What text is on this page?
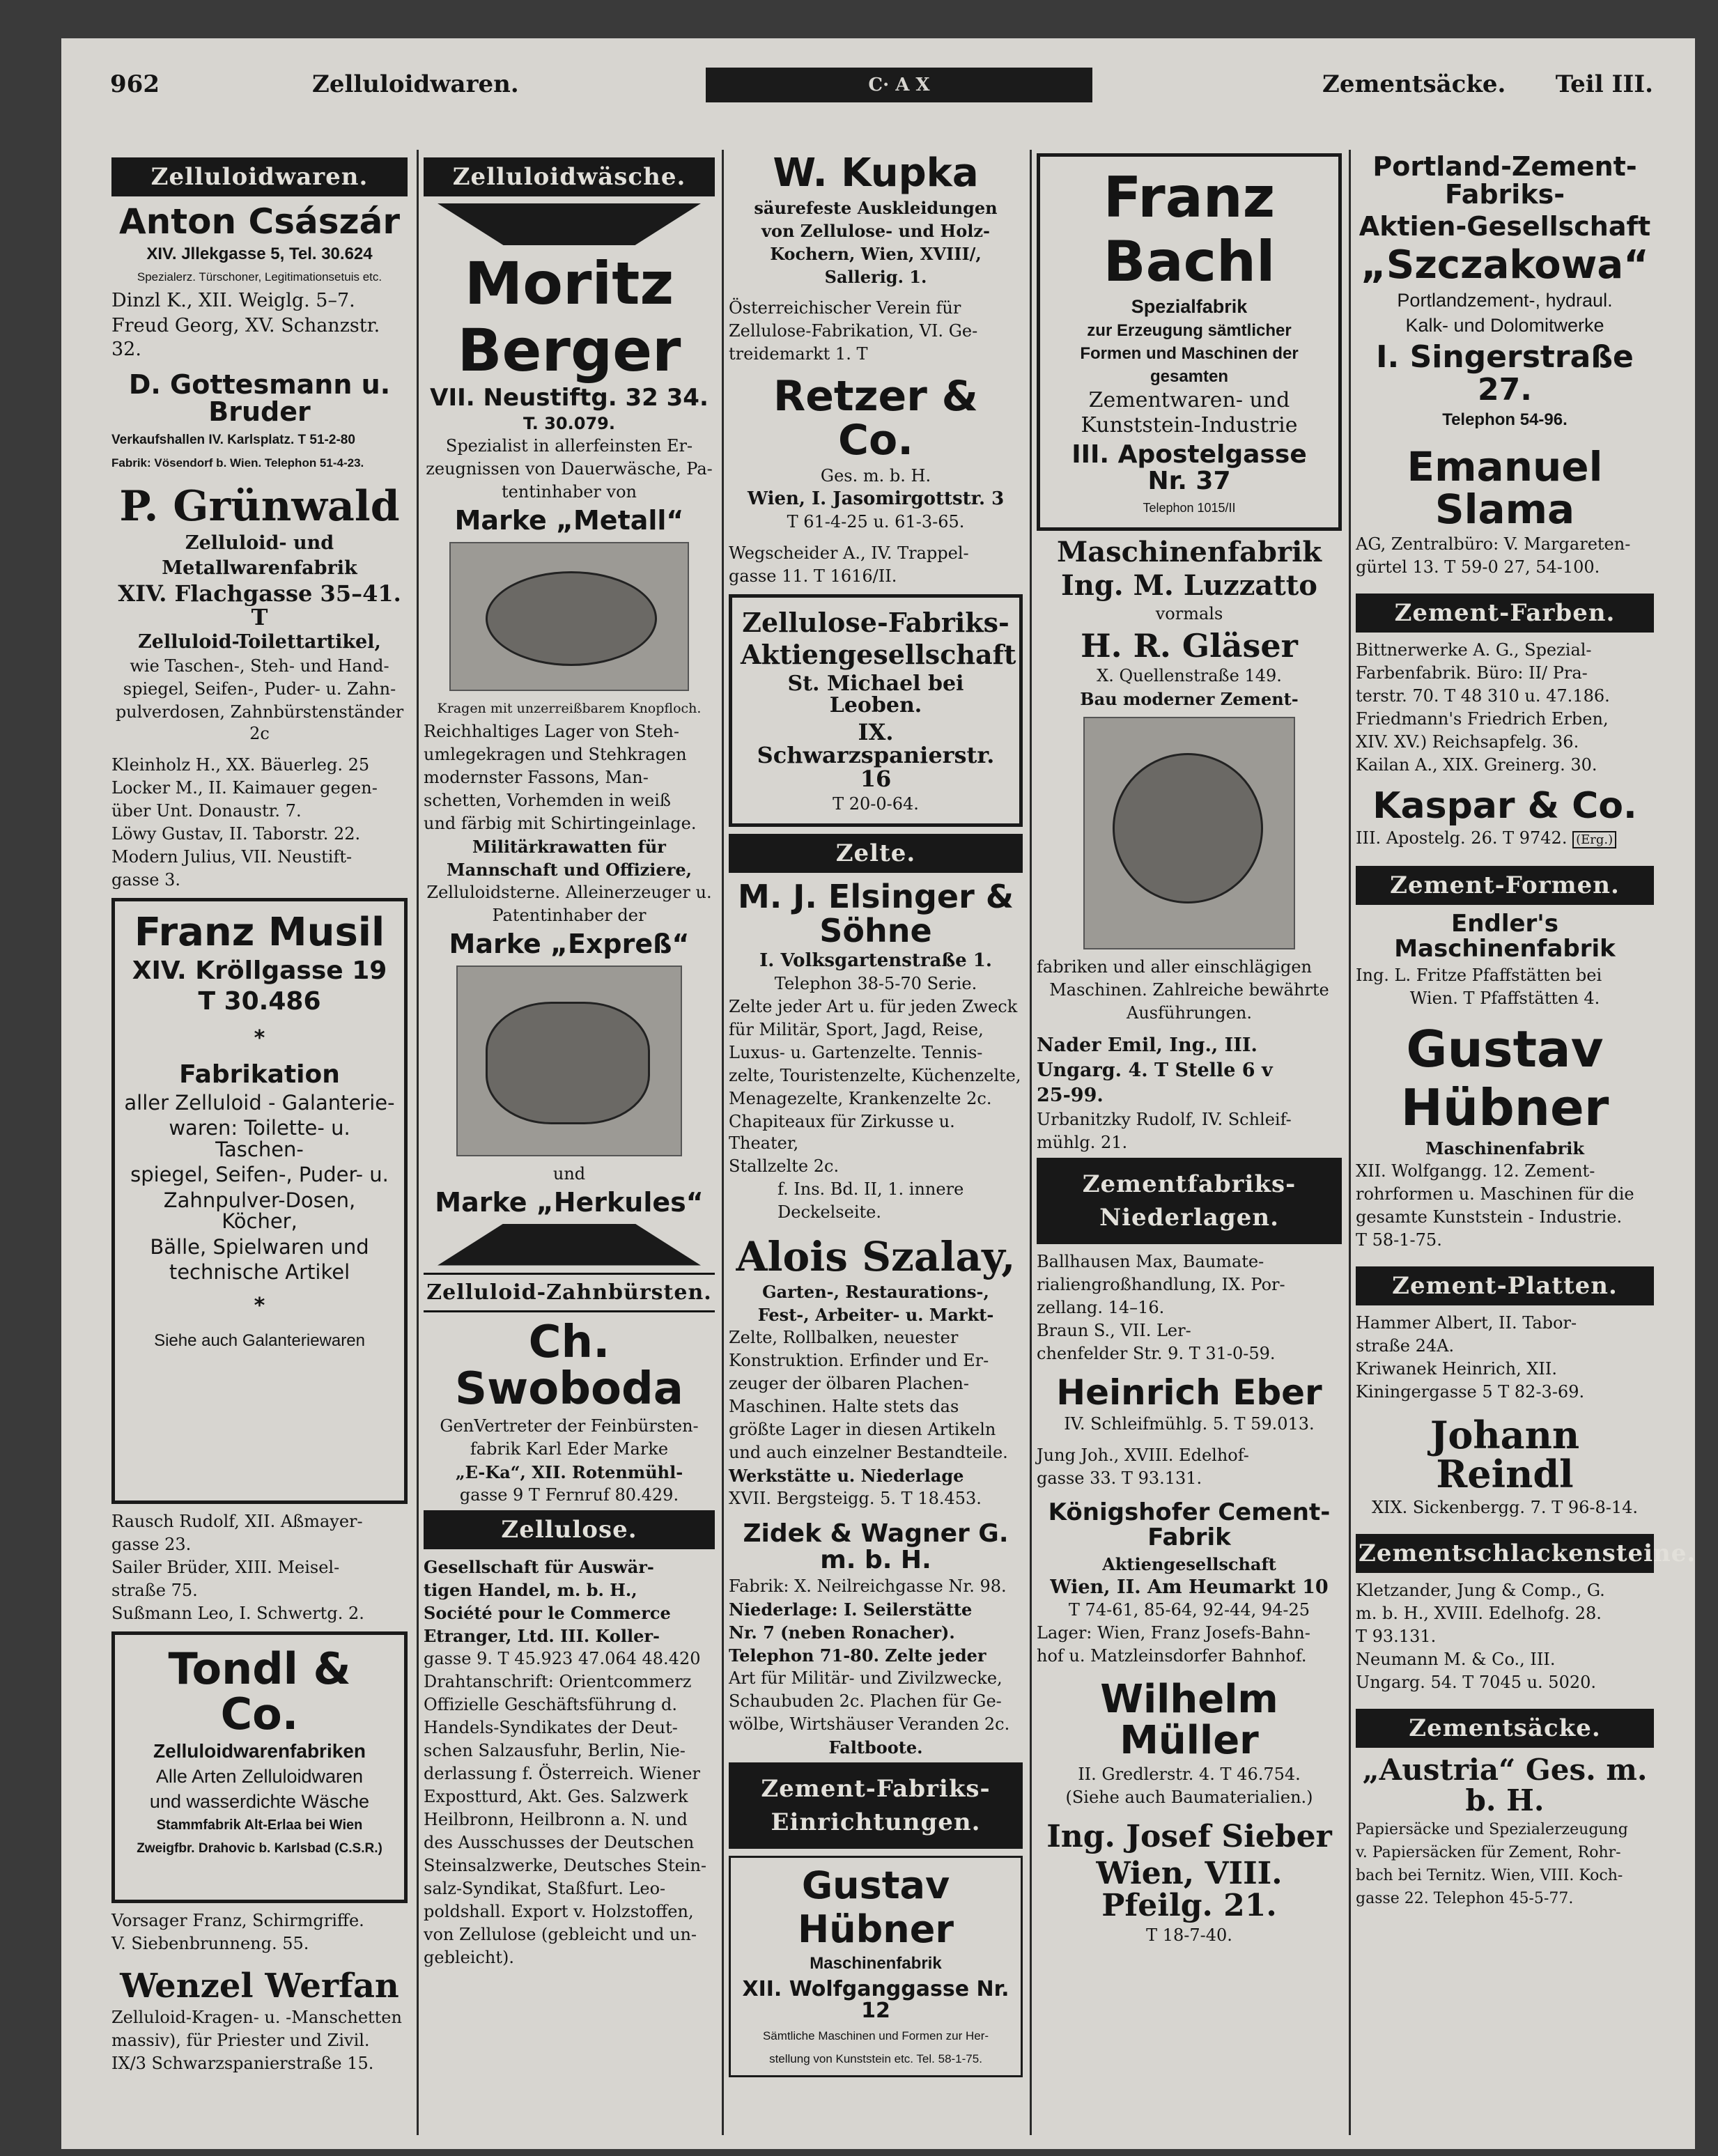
962	Zelluloidwaren.	C· A X	Zementsäcke. Teil III.
Zelluloidwaren.
Anton Császár
XIV. Jllekgasse 5, Tel. 30.624
Spezialerz. Türschoner, Legitimationsetuis etc.
Dinzl K., XII. Weiglg. 5–7.
Freud Georg, XV. Schanzstr. 32.
D. Gottesmann u. Bruder
Verkaufshallen IV. Karlsplatz. T 51-2-80
Fabrik: Vösendorf b. Wien. Telephon 51-4-23.
P. Grünwald
Zelluloid- und
Metallwarenfabrik
XIV. Flachgasse 35–41. T
Zelluloid-Toilettartikel,
wie Taschen-, Steh- und Hand-
spiegel, Seifen-, Puder- u. Zahn-
pulverdosen, Zahnbürstenständer 2c
Kleinholz H., XX. Bäuerleg. 25
Locker M., II. Kaimauer gegen-
über Unt. Donaustr. 7.
Löwy Gustav, II. Taborstr. 22.
Modern Julius, VII. Neustift-
gasse 3.
Franz Musil
XIV. Kröllgasse 19
T 30.486
*
Fabrikation
aller Zelluloid - Galanterie-
waren: Toilette- u. Taschen-
spiegel, Seifen-, Puder- u.
Zahnpulver-Dosen, Köcher,
Bälle, Spielwaren und
technische Artikel
*
Siehe auch Galanteriewaren
Rausch Rudolf, XII. Aßmayer-
gasse 23.
Sailer Brüder, XIII. Meisel-
straße 75.
Sußmann Leo, I. Schwertg. 2.
Tondl & Co.
Zelluloidwarenfabriken
Alle Arten Zelluloidwaren
und wasserdichte Wäsche
Stammfabrik Alt-Erlaa bei Wien
Zweigfbr. Drahovic b. Karlsbad (C.S.R.)
Vorsager Franz, Schirmgriffe.
V. Siebenbrunneng. 55.
Wenzel Werfan
Zelluloid-Kragen- u. -Manschetten
massiv), für Priester und Zivil.
IX/3 Schwarzspanierstraße 15.
Zelluloidwäsche.
Moritz
Berger
VII. Neustiftg. 32 34.
T. 30.079.
Spezialist in allerfeinsten Er-
zeugnissen von Dauerwäsche, Pa-
tentinhaber von
Marke „Metall“
Kragen mit unzerreißbarem Knopfloch.
Reichhaltiges Lager von Steh-
umlegekragen und Stehkragen
modernster Fassons, Man-
schetten, Vorhemden in weiß
und färbig mit Schirtingeinlage.
Militärkrawatten für
Mannschaft und Offiziere,
Zelluloidsterne. Alleinerzeuger u.
Patentinhaber der
Marke „Expreß“
und
Marke „Herkules“
Zelluloid-Zahnbürsten.
Ch. Swoboda
GenVertreter der Feinbürsten-
fabrik Karl Eder Marke
„E-Ka“, XII. Rotenmühl-
gasse 9 T Fernruf 80.429.
Zellulose.
Gesellschaft für Auswär-
tigen Handel, m. b. H.,
Société pour le Commerce
Etranger, Ltd. III. Koller-
gasse 9. T 45.923 47.064 48.420
Drahtanschrift: Orientcommerz
Offizielle Geschäftsführung d.
Handels-Syndikates der Deut-
schen Salzausfuhr, Berlin, Nie-
derlassung f. Österreich. Wiener
Expostturd, Akt. Ges. Salzwerk
Heilbronn, Heilbronn a. N. und
des Ausschusses der Deutschen
Steinsalzwerke, Deutsches Stein-
salz-Syndikat, Staßfurt. Leo-
poldshall. Export v. Holzstoffen,
von Zellulose (gebleicht und un-
gebleicht).
W. Kupka
säurefeste Auskleidungen
von Zellulose- und Holz-
Kochern, Wien, XVIII/,
Sallerig. 1.
Österreichischer Verein für
Zellulose-Fabrikation, VI. Ge-
treidemarkt 1. T
Retzer & Co.
Ges. m. b. H.
Wien, I. Jasomirgottstr. 3
T 61-4-25 u. 61-3-65.
Wegscheider A., IV. Trappel-
gasse 11. T 1616/II.
Zellulose-Fabriks-
Aktiengesellschaft
St. Michael bei Leoben.
IX. Schwarzspanierstr. 16
T 20-0-64.
Zelte.
M. J. Elsinger & Söhne
I. Volksgartenstraße 1.
Telephon 38-5-70 Serie.
Zelte jeder Art u. für jeden Zweck
für Militär, Sport, Jagd, Reise,
Luxus- u. Gartenzelte. Tennis-
zelte, Touristenzelte, Küchenzelte,
Menagezelte, Krankenzelte 2c.
Chapiteaux für Zirkusse u. Theater,
Stallzelte 2c.
f. Ins. Bd. II, 1. innere
Deckelseite.
Alois Szalay,
Garten-, Restaurations-,
Fest-, Arbeiter- u. Markt-
Zelte, Rollbalken, neuester
Konstruktion. Erfinder und Er-
zeuger der ölbaren Plachen-
Maschinen. Halte stets das
größte Lager in diesen Artikeln
und auch einzelner Bestandteile.
Werkstätte u. Niederlage
XVII. Bergsteigg. 5. T 18.453.
Zidek & Wagner G. m. b. H.
Fabrik: X. Neilreichgasse Nr. 98.
Niederlage: I. Seilerstätte
Nr. 7 (neben Ronacher).
Telephon 71-80. Zelte jeder
Art für Militär- und Zivilzwecke,
Schaubuden 2c. Plachen für Ge-
wölbe, Wirtshäuser Veranden 2c.
Faltboote.
Zement-Fabriks-
Einrichtungen.
Gustav
Hübner
Maschinenfabrik
XII. Wolfganggasse Nr. 12
Sämtliche Maschinen und Formen zur Her-
stellung von Kunststein etc. Tel. 58-1-75.
Franz
Bachl
Spezialfabrik
zur Erzeugung sämtlicher
Formen und Maschinen der
gesamten
Zementwaren- und
Kunststein-Industrie
III. Apostelgasse Nr. 37
Telephon 1015/II
Maschinenfabrik
Ing. M. Luzzatto
vormals
H. R. Gläser
X. Quellenstraße 149.
Bau moderner Zement-
fabriken und aller einschlägigen
Maschinen. Zahlreiche bewährte
Ausführungen.
Nader Emil, Ing., III.
Ungarg. 4. T Stelle 6 v
25-99.
Urbanitzky Rudolf, IV. Schleif-
mühlg. 21.
Zementfabriks-
Niederlagen.
Ballhausen Max, Baumate-
rialiengroßhandlung, IX. Por-
zellang. 14–16.
Braun S., VII. Ler-
chenfelder Str. 9. T 31-0-59.
Heinrich Eber
IV. Schleifmühlg. 5. T 59.013.
Jung Joh., XVIII. Edelhof-
gasse 33. T 93.131.
Königshofer Cement-Fabrik
Aktiengesellschaft
Wien, II. Am Heumarkt 10
T 74-61, 85-64, 92-44, 94-25
Lager: Wien, Franz Josefs-Bahn-
hof u. Matzleinsdorfer Bahnhof.
Wilhelm Müller
II. Gredlerstr. 4. T 46.754.
(Siehe auch Baumaterialien.)
Ing. Josef Sieber
Wien, VIII. Pfeilg. 21.
T 18-7-40.
Portland-Zement-Fabriks-
Aktien-Gesellschaft
„Szczakowa“
Portlandzement-, hydraul.
Kalk- und Dolomitwerke
I. Singerstraße 27.
Telephon 54-96.
Emanuel Slama
AG, Zentralbüro: V. Margareten-
gürtel 13. T 59-0 27, 54-100.
Zement-Farben.
Bittnerwerke A. G., Spezial-
Farbenfabrik. Büro: II/ Pra-
terstr. 70. T 48 310 u. 47.186.
Friedmann's Friedrich Erben,
XIV. XV.) Reichsapfelg. 36.
Kailan A., XIX. Greinerg. 30.
Kaspar & Co.
III. Apostelg. 26. T 9742. (Erg.)
Zement-Formen.
Endler's Maschinenfabrik
Ing. L. Fritze Pfaffstätten bei
Wien. T Pfaffstätten 4.
Gustav
Hübner
Maschinenfabrik
XII. Wolfgangg. 12. Zement-
rohrformen u. Maschinen für die
gesamte Kunststein - Industrie.
T 58-1-75.
Zement-Platten.
Hammer Albert, II. Tabor-
straße 24A.
Kriwanek Heinrich, XII.
Kiningergasse 5 T 82-3-69.
Johann Reindl
XIX. Sickenbergg. 7. T 96-8-14.
Zementschlackensteine.
Kletzander, Jung & Comp., G.
m. b. H., XVIII. Edelhofg. 28.
T 93.131.
Neumann M. & Co., III.
Ungarg. 54. T 7045 u. 5020.
Zementsäcke.
„Austria“ Ges. m. b. H.
Papiersäcke und Spezialerzeugung
v. Papiersäcken für Zement, Rohr-
bach bei Ternitz. Wien, VIII. Koch-
gasse 22. Telephon 45-5-77.
